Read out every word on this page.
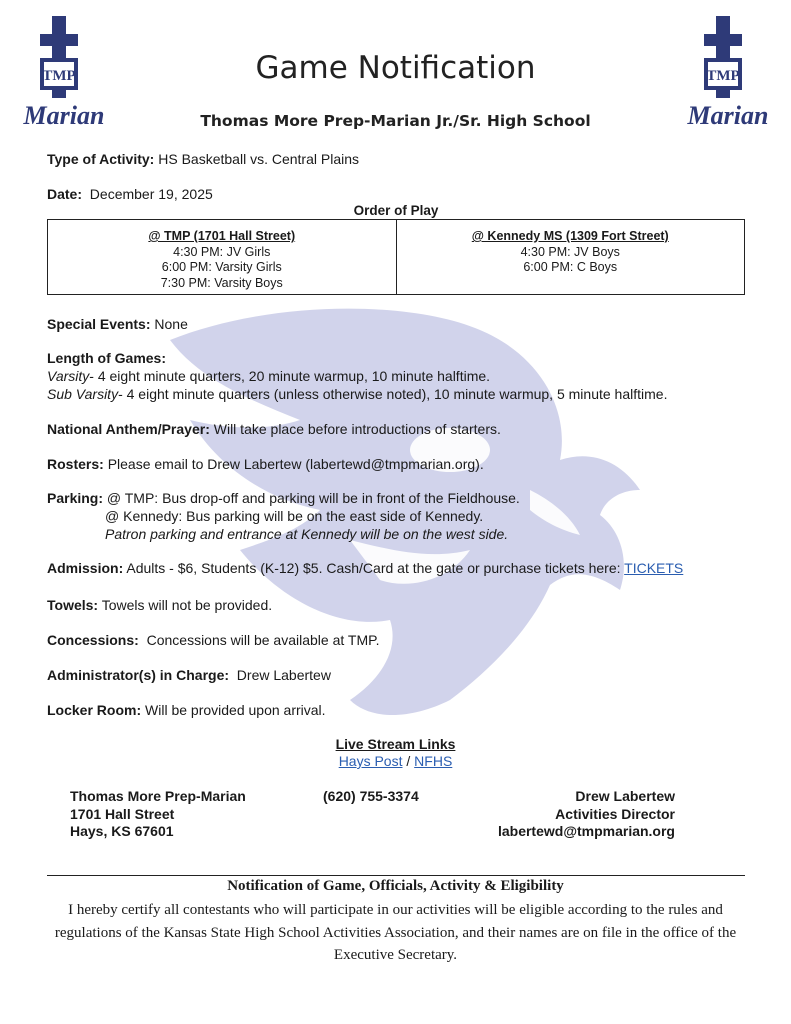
TMP
Marian
TMP
Marian
Game Notification
Thomas More Prep-Marian Jr./Sr. High School
Type of Activity: HS Basketball vs. Central Plains
Date: December 19, 2025
Order of Play
@ TMP (1701 Hall Street)
4:30 PM: JV Girls
6:00 PM: Varsity Girls
7:30 PM: Varsity Boys
@ Kennedy MS (1309 Fort Street)
4:30 PM: JV Boys
6:00 PM: C Boys
Special Events: None
Length of Games:
Varsity- 4 eight minute quarters, 20 minute warmup, 10 minute halftime.
Sub Varsity- 4 eight minute quarters (unless otherwise noted), 10 minute warmup, 5 minute halftime.
National Anthem/Prayer: Will take place before introductions of starters.
Rosters: Please email to Drew Labertew (labertewd@tmpmarian.org).
Parking: @ TMP: Bus drop-off and parking will be in front of the Fieldhouse.
@ Kennedy: Bus parking will be on the east side of Kennedy.
Patron parking and entrance at Kennedy will be on the west side.
Admission: Adults - $6, Students (K-12) $5. Cash/Card at the gate or purchase tickets here: TICKETS
Towels: Towels will not be provided.
Concessions: Concessions will be available at TMP.
Administrator(s) in Charge: Drew Labertew
Locker Room: Will be provided upon arrival.
Live Stream Links
Hays Post / NFHS
Thomas More Prep-Marian
1701 Hall Street
Hays, KS 67601
(620) 755-3374	Drew Labertew
Activities Director
labertewd@tmpmarian.org
Notification of Game, Officials, Activity & Eligibility
I hereby certify all contestants who will participate in our activities will be eligible according to the rules and regulations of the Kansas State High School Activities Association, and their names are on file in the office of the Executive Secretary.
